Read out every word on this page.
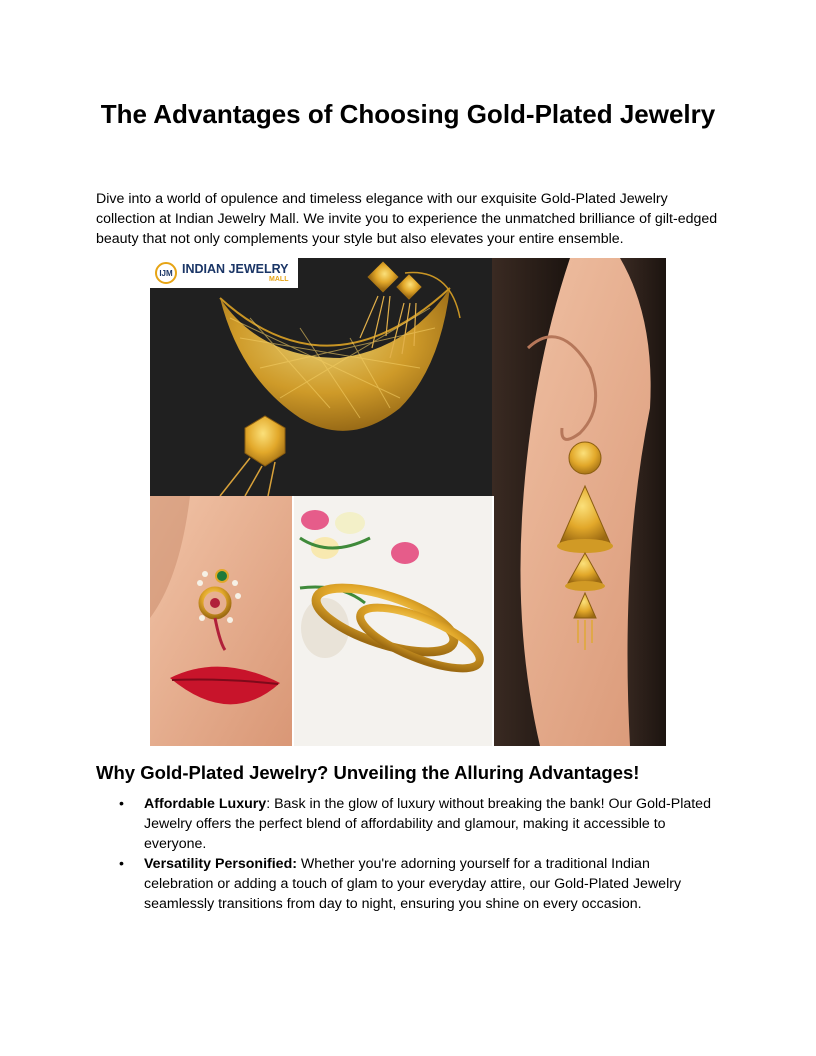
The Advantages of Choosing Gold-Plated Jewelry

Dive into a world of opulence and timeless elegance with our exquisite Gold-Plated Jewelry collection at Indian Jewelry Mall. We invite you to experience the unmatched brilliance of gilt-edged beauty that not only complements your style but also elevates your entire ensemble.

IJM INDIAN JEWELRY
MALL
Why Gold-Plated Jewelry? Unveiling the Alluring Advantages!
• Affordable Luxury: Bask in the glow of luxury without breaking the bank! Our Gold-Plated Jewelry offers the perfect blend of affordability and glamour, making it accessible to everyone.
• Versatility Personified: Whether you're adorning yourself for a traditional Indian celebration or adding a touch of glam to your everyday attire, our Gold-Plated Jewelry seamlessly transitions from day to night, ensuring you shine on every occasion.
